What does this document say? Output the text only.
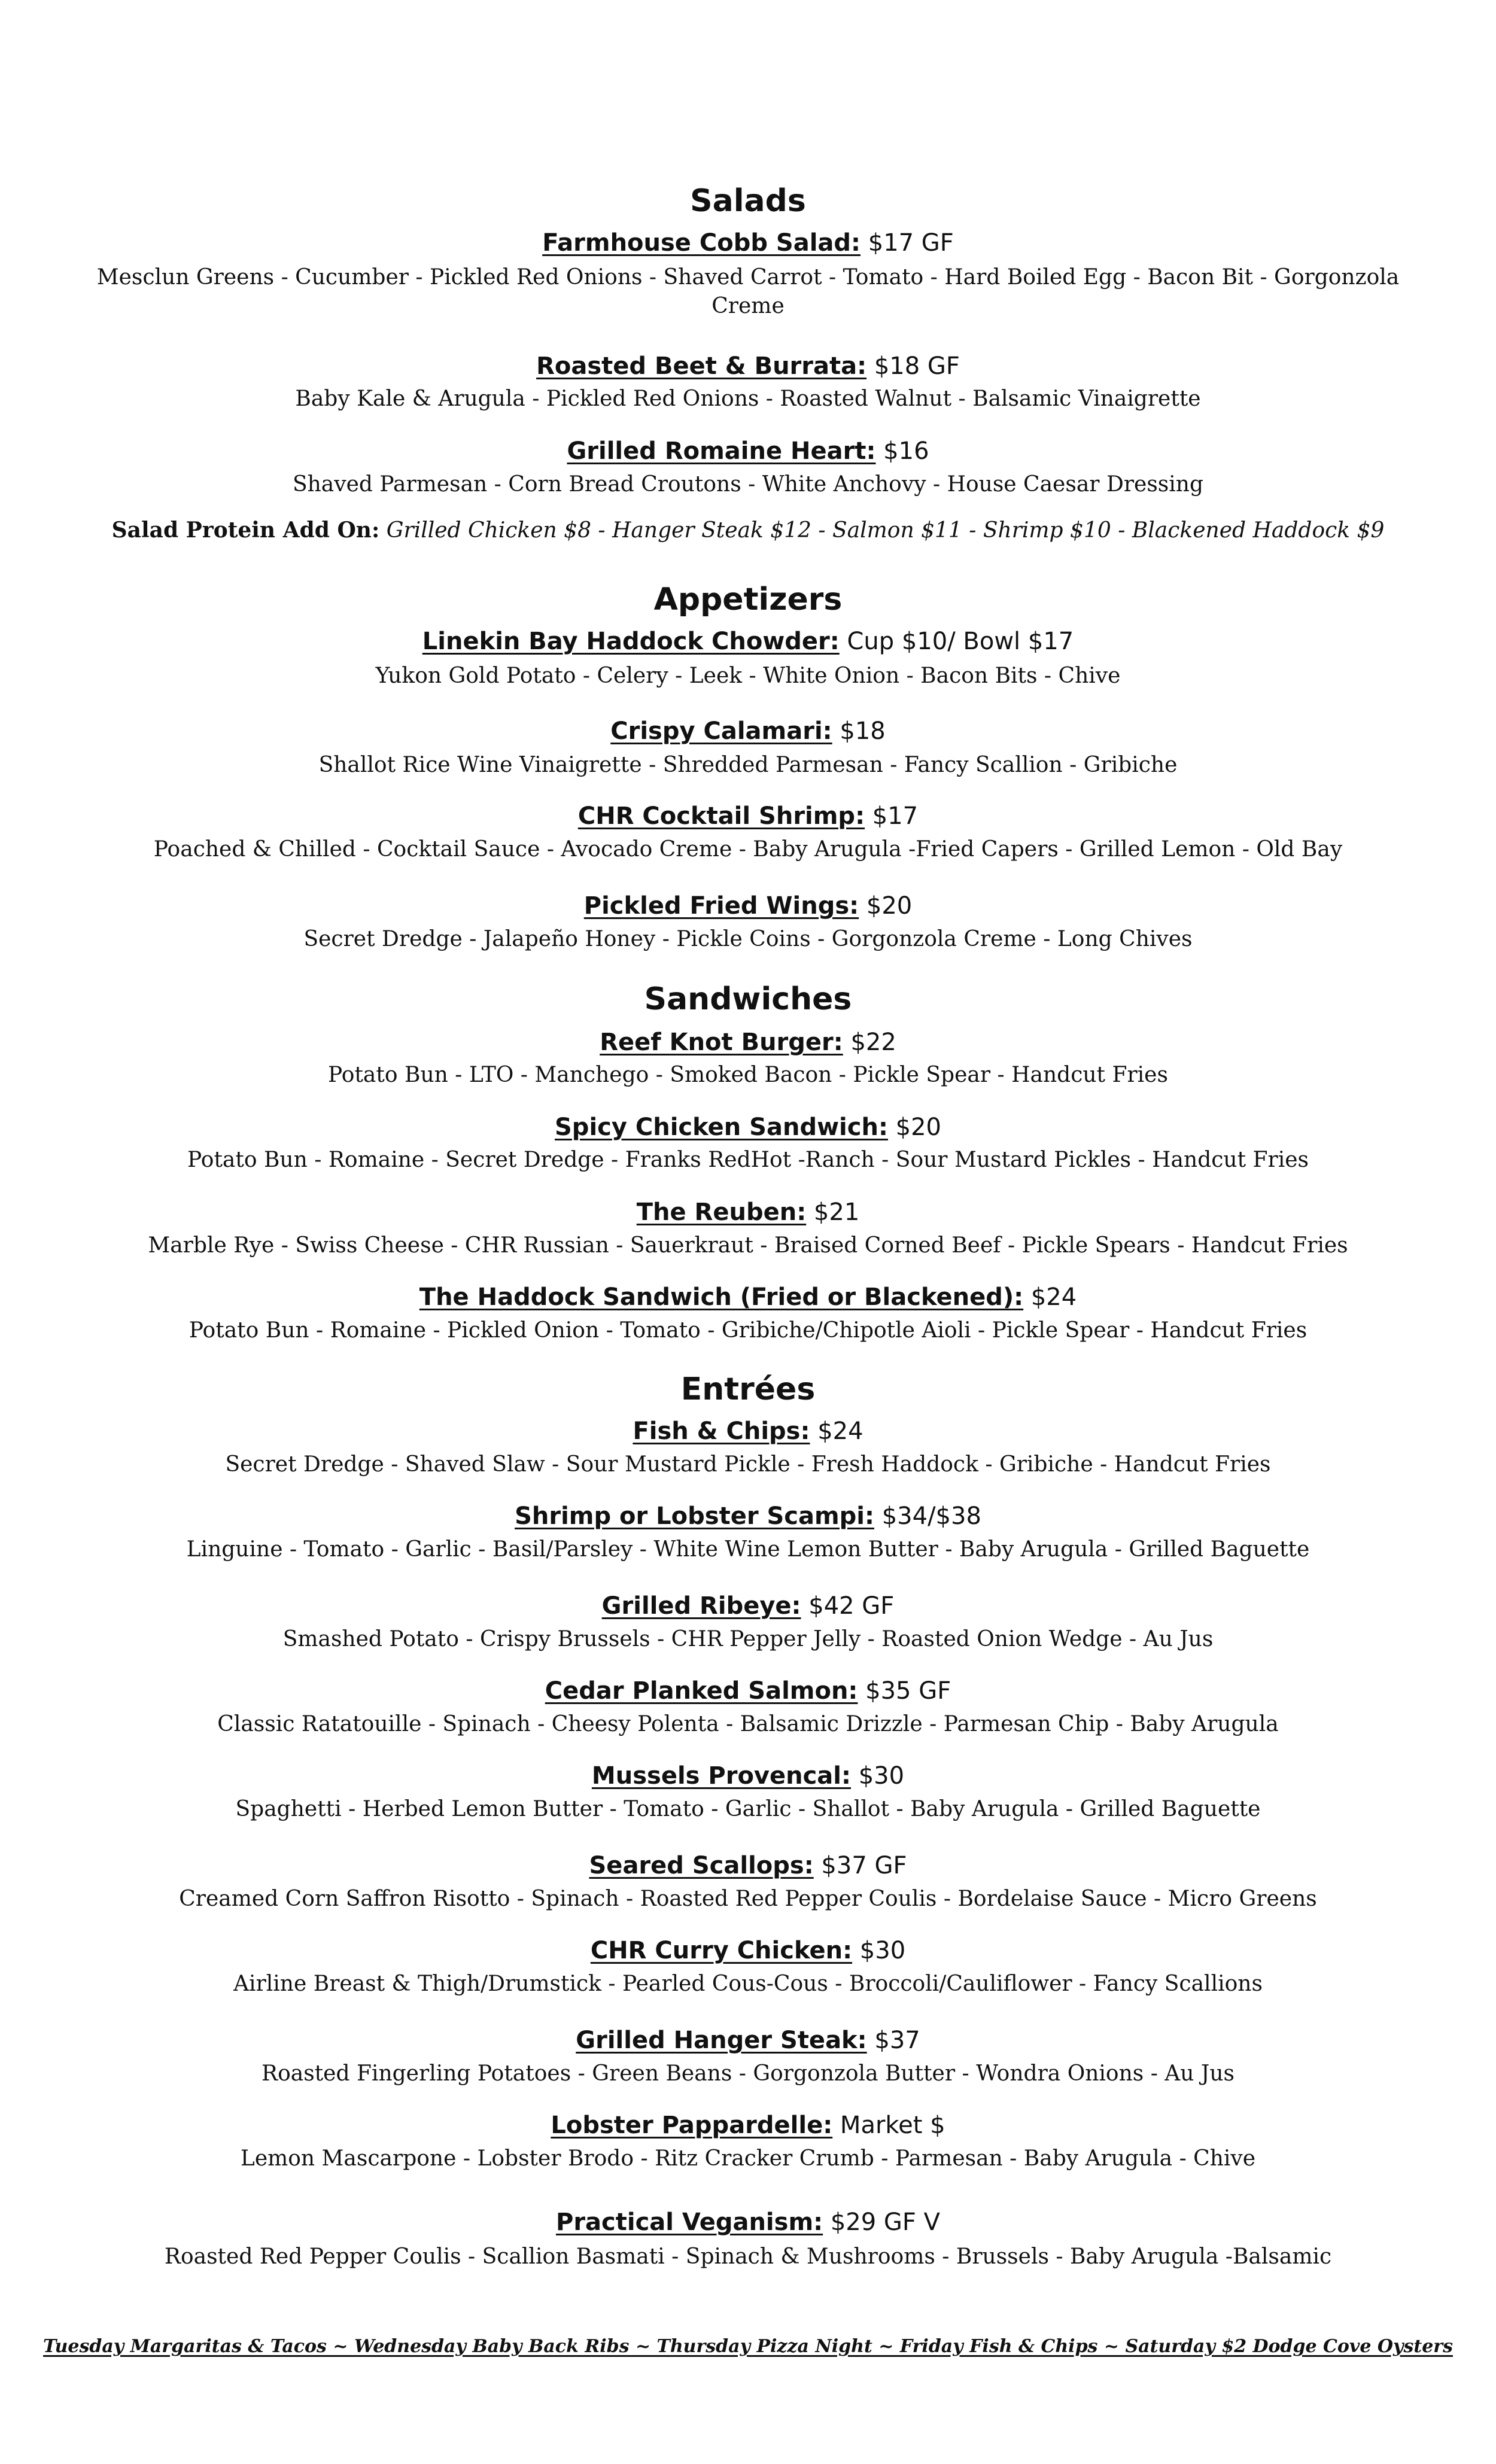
Salads

Farmhouse Cobb Salad: $17 GF

Mesclun Greens - Cucumber - Pickled Red Onions - Shaved Carrot - Tomato - Hard Boiled Egg - Bacon Bit - Gorgonzola Creme

Roasted Beet & Burrata: $18 GF

Baby Kale & Arugula - Pickled Red Onions - Roasted Walnut - Balsamic Vinaigrette

Grilled Romaine Heart: $16

Shaved Parmesan - Corn Bread Croutons - White Anchovy - House Caesar Dressing

Salad Protein Add On: Grilled Chicken $8 - Hanger Steak $12 - Salmon $11 - Shrimp $10 - Blackened Haddock $9

Appetizers

Linekin Bay Haddock Chowder: Cup $10/ Bowl $17

Yukon Gold Potato - Celery - Leek - White Onion - Bacon Bits - Chive

Crispy Calamari: $18

Shallot Rice Wine Vinaigrette - Shredded Parmesan - Fancy Scallion - Gribiche

CHR Cocktail Shrimp: $17

Poached & Chilled - Cocktail Sauce - Avocado Creme - Baby Arugula -Fried Capers - Grilled Lemon - Old Bay

Pickled Fried Wings: $20

Secret Dredge - Jalapeño Honey - Pickle Coins - Gorgonzola Creme - Long Chives

Sandwiches

Reef Knot Burger: $22

Potato Bun - LTO - Manchego - Smoked Bacon - Pickle Spear - Handcut Fries

Spicy Chicken Sandwich: $20

Potato Bun - Romaine - Secret Dredge - Franks RedHot -Ranch - Sour Mustard Pickles - Handcut Fries

The Reuben: $21

Marble Rye - Swiss Cheese - CHR Russian - Sauerkraut - Braised Corned Beef - Pickle Spears - Handcut Fries

The Haddock Sandwich (Fried or Blackened): $24

Potato Bun - Romaine - Pickled Onion - Tomato - Gribiche/Chipotle Aioli - Pickle Spear - Handcut Fries

Entrées

Fish & Chips: $24

Secret Dredge - Shaved Slaw - Sour Mustard Pickle - Fresh Haddock - Gribiche - Handcut Fries

Shrimp or Lobster Scampi: $34/$38

Linguine - Tomato - Garlic - Basil/Parsley - White Wine Lemon Butter - Baby Arugula - Grilled Baguette

Grilled Ribeye: $42 GF

Smashed Potato - Crispy Brussels - CHR Pepper Jelly - Roasted Onion Wedge - Au Jus

Cedar Planked Salmon: $35 GF

Classic Ratatouille - Spinach - Cheesy Polenta - Balsamic Drizzle - Parmesan Chip - Baby Arugula

Mussels Provencal: $30

Spaghetti - Herbed Lemon Butter - Tomato - Garlic - Shallot - Baby Arugula - Grilled Baguette

Seared Scallops: $37 GF

Creamed Corn Saffron Risotto - Spinach - Roasted Red Pepper Coulis - Bordelaise Sauce - Micro Greens

CHR Curry Chicken: $30

Airline Breast & Thigh/Drumstick - Pearled Cous-Cous - Broccoli/Cauliflower - Fancy Scallions

Grilled Hanger Steak: $37

Roasted Fingerling Potatoes - Green Beans - Gorgonzola Butter - Wondra Onions - Au Jus

Lobster Pappardelle: Market $

Lemon Mascarpone - Lobster Brodo - Ritz Cracker Crumb - Parmesan - Baby Arugula - Chive

Practical Veganism: $29 GF V

Roasted Red Pepper Coulis - Scallion Basmati - Spinach & Mushrooms - Brussels - Baby Arugula -Balsamic

Tuesday Margaritas & Tacos ~ Wednesday Baby Back Ribs ~ Thursday Pizza Night ~ Friday Fish & Chips ~ Saturday $2 Dodge Cove Oysters
